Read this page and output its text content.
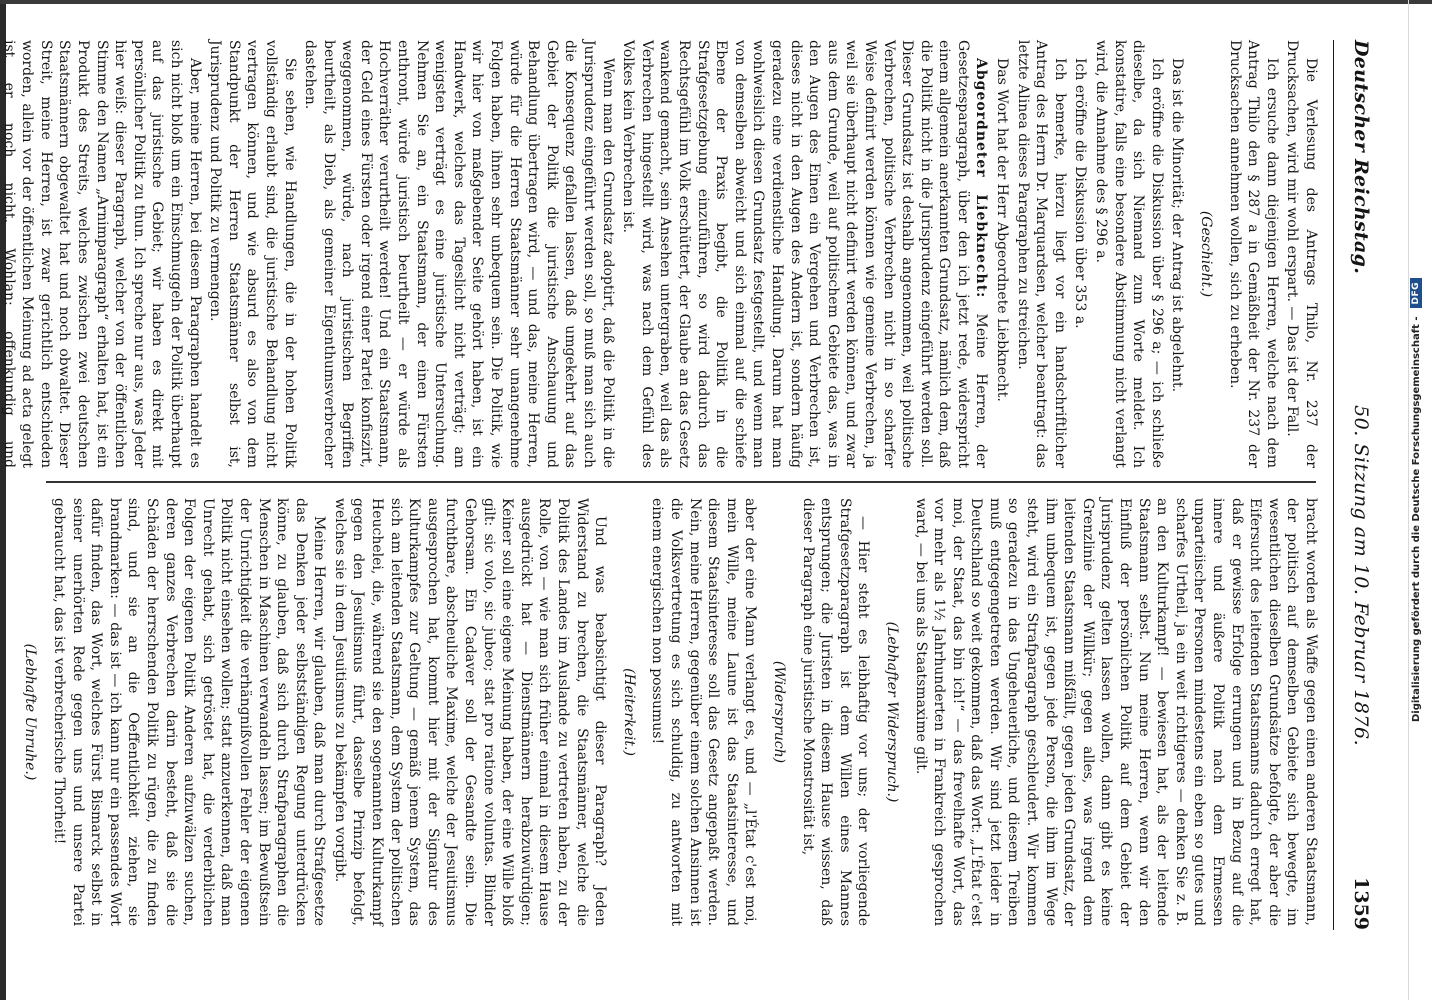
Deutscher Reichstag.
50. Sitzung am 10. Februar 1876.
1359

Die Verlesung des Antrags Thilo, Nr. 237 der Drucksachen, wird mir wohl erspart. — Das ist der Fall.

Ich ersuche dann diejenigen Herren, welche nach dem Antrag Thilo den § 287 a in Gemäßheit der Nr. 237 der Drucksachen annehmen wollen, sich zu erheben.

(Geschieht.)

Das ist die Minorität; der Antrag ist abgelehnt.

Ich eröffne die Diskussion über § 296 a; — ich schließe dieselbe, da sich Niemand zum Worte meldet. Ich konstatire, falls eine besondere Abstimmung nicht verlangt wird, die Annahme des § 296 a.

Ich eröffne die Diskussion über 353 a.

Ich bemerke, hierzu liegt vor ein handschriftlicher Antrag des Herrn Dr. Marquardsen, welcher beantragt: das letzte Alinea dieses Paragraphen zu streichen.

Das Wort hat der Herr Abgeordnete Liebknecht.

Abgeordneter Liebknecht: Meine Herren, der Gesetzesparagraph, über den ich jetzt rede, widerspricht einem allgemein anerkannten Grundsatz, nämlich dem, daß die Politik nicht in die Jurisprudenz eingeführt werden soll. Dieser Grundsatz ist deshalb angenommen, weil politische Verbrechen, politische Verbrechen nicht in so scharfer Weise definirt werden können wie gemeine Verbrechen, ja weil sie überhaupt nicht definirt werden können, und zwar aus dem Grunde, weil auf politischem Gebiete das, was in den Augen des Einen ein Vergehen und Verbrechen ist, dieses nicht in den Augen des Andern ist, sondern häufig geradezu eine verdienstliche Handlung. Darum hat man wohlweislich diesen Grundsatz festgestellt, und wenn man von demselben abweicht und sich einmal auf die schiefe Ebene der Praxis begibt, die Politik in die Strafgesetzgebung einzuführen, so wird dadurch das Rechtsgefühl im Volk erschüttert, der Glaube an das Gesetz wankend gemacht, sein Ansehen untergraben, weil das als Verbrechen hingestellt wird, was nach dem Gefühl des Volkes kein Verbrechen ist.

Wenn man den Grundsatz adoptirt, daß die Politik in die Jurisprudenz eingeführt werden soll, so muß man sich auch die Konsequenz gefallen lassen, daß umgekehrt auf das Gebiet der Politik die juristische Anschauung und Behandlung übertragen wird, — und das, meine Herren, würde für die Herren Staatsmänner sehr unangenehme Folgen haben, ihnen sehr unbequem sein. Die Politik, wie wir hier von maßgebender Seite gehört haben, ist ein Handwerk, welches das Tageslicht nicht verträgt; am wenigsten verträgt es eine juristische Untersuchung. Nehmen Sie an, ein Staatsmann, der einen Fürsten enthront, würde juristisch beurtheilt — er würde als Hochverräther verurtheilt werden! Und ein Staatsmann, der Geld eines Fürsten oder irgend einer Partei konfiszirt, weggenommen, würde, nach juristischen Begriffen beurtheilt, als Dieb, als gemeiner Eigenthumsverbrecher dastehen.

Sie sehen, wie Handlungen, die in der hohen Politik vollständig erlaubt sind, die juristische Behandlung nicht vertragen können, und wie absurd es also von dem Standpunkt der Herren Staatsmänner selbst ist, Jurisprudenz und Politik zu vermengen.

Aber, meine Herren, bei diesem Paragraphen handelt es sich nicht bloß um ein Einschmuggeln der Politik überhaupt auf das juristische Gebiet; wir haben es direkt mit persönlicher Politik zu thun. Ich spreche nur aus, was Jeder hier weiß: dieser Paragraph, welcher von der öffentlichen Stimme den Namen „Arnimparagraph“ erhalten hat, ist ein Produkt des Streits, welches zwischen zwei deutschen Staatsmännern obgewaltet hat und noch obwaltet. Dieser Streit, meine Herren, ist zwar gerichtlich entschieden worden, allein vor der öffentlichen Meinung ad acta gelegt ist er noch nicht. Wohlan: offenkundig und

bracht worden als Waffe gegen einen anderen Staatsmann, der politisch auf demselben Gebiete sich bewegte, im wesentlichen dieselben Grundsätze befolgte, der aber die Eifersucht des leitenden Staatsmanns dadurch erregt hat, daß er gewisse Erfolge errungen und in Bezug auf die innere und äußere Politik nach dem Ermessen unparteiischer Personen mindestens ein eben so gutes und scharfes Urtheil, ja ein weit richtigeres — denken Sie z. B. an den Kulturkampf! — bewiesen hat, als der leitende Staatsmann selbst. Nun meine Herren, wenn wir den Einfluß der persönlichen Politik auf dem Gebiet der Jurisprudenz gelten lassen wollen, dann gibt es keine Grenzlinie der Willkür; gegen alles, was irgend dem leitenden Staatsmann mißfällt, gegen jeden Grundsatz, der ihm unbequem ist, gegen jede Person, die ihm im Wege steht, wird ein Strafparagraph geschleudert. Wir kommen so geradezu in das Ungeheuerliche, und diesem Treiben muß entgegengetreten werden. Wir sind jetzt leider in Deutschland so weit gekommen, daß das Wort: „L'État c'est moi, der Staat, das bin ich!“ — das frevelhafte Wort, das vor mehr als 1½ Jahrhunderten in Frankreich gesprochen ward, — bei uns als Staatsmaxime gilt.

(Lebhafter Widerspruch.)

— Hier steht es leibhaftig vor uns; der vorliegende Strafgesetzparagraph ist dem Willen eines Mannes entsprungen; die Juristen in diesem Hause wissen, daß dieser Paragraph eine juristische Monstrosität ist,

(Widerspruch)

aber der eine Mann verlangt es, und — „l'État c'est moi, mein Wille, meine Laune ist das Staatsinteresse, und diesem Staatsinteresse soll das Gesetz angepaßt werden. Nein, meine Herren, gegenüber einem solchen Ansinnen ist die Volksvertretung es sich schuldig, zu antworten mit einem energischen non possumus!

(Heiterkeit.)

Und was beabsichtigt dieser Paragraph? Jeden Widerstand zu brechen, die Staatsmänner, welche die Politik des Landes im Auslande zu vertreten haben, zu der Rolle, von — wie man sich früher einmal in diesem Hause ausgedrückt hat — Dienstmännern herabzuwürdigen; Keiner soll eine eigene Meinung haben, der eine Wille bloß gilt: sic volo, sic jubeo; stat pro ratione voluntas. Blinder Gehorsam. Ein Cadaver soll der Gesandte sein. Die furchtbare, abscheuliche Maxime, welche der Jesuitismus ausgesprochen hat, kommt hier mit der Signatur des Kulturkampfes zur Geltung — gemäß jenem System, das sich am leitenden Staatsmann, dem System der politischen Heuchelei, die, während sie den sogenannten Kulturkampf gegen den Jesuitismus führt, dasselbe Prinzip befolgt, welches sie in dem Jesuitismus zu bekämpfen vorgibt.

Meine Herren, wir glauben, daß man durch Strafgesetze das Denken jeder selbstständigen Regung unterdrücken könne, zu glauben, daß sich durch Strafparagraphen die Menschen in Maschinen verwandeln lassen; im Bewußtsein der Unrichtigkeit die verhängnißvollen Fehler der eigenen Politik nicht einsehen wollen; statt anzuerkennen, daß man Unrecht gehabt, sich getröstet hat, die verderblichen Folgen der eigenen Politik Anderen aufzuwälzen suchen, deren ganzes Verbrechen darin besteht, daß sie die Schäden der herrschenden Politik zu rügen, die zu finden sind, und sie an die Oeffentlichkeit ziehen, sie brandmarken: — das ist — ich kann nur ein passendes Wort dafür finden, das Wort, welches Fürst Bismarck selbst in seiner unerhörten Rede gegen uns und unsere Partei gebraucht hat, das ist verbrecherische Thorheit!

(Lebhafte Unruhe.)	Digitalisierung gefördert durch die Deutsche Forschungsgemeinschaft -
DFG
